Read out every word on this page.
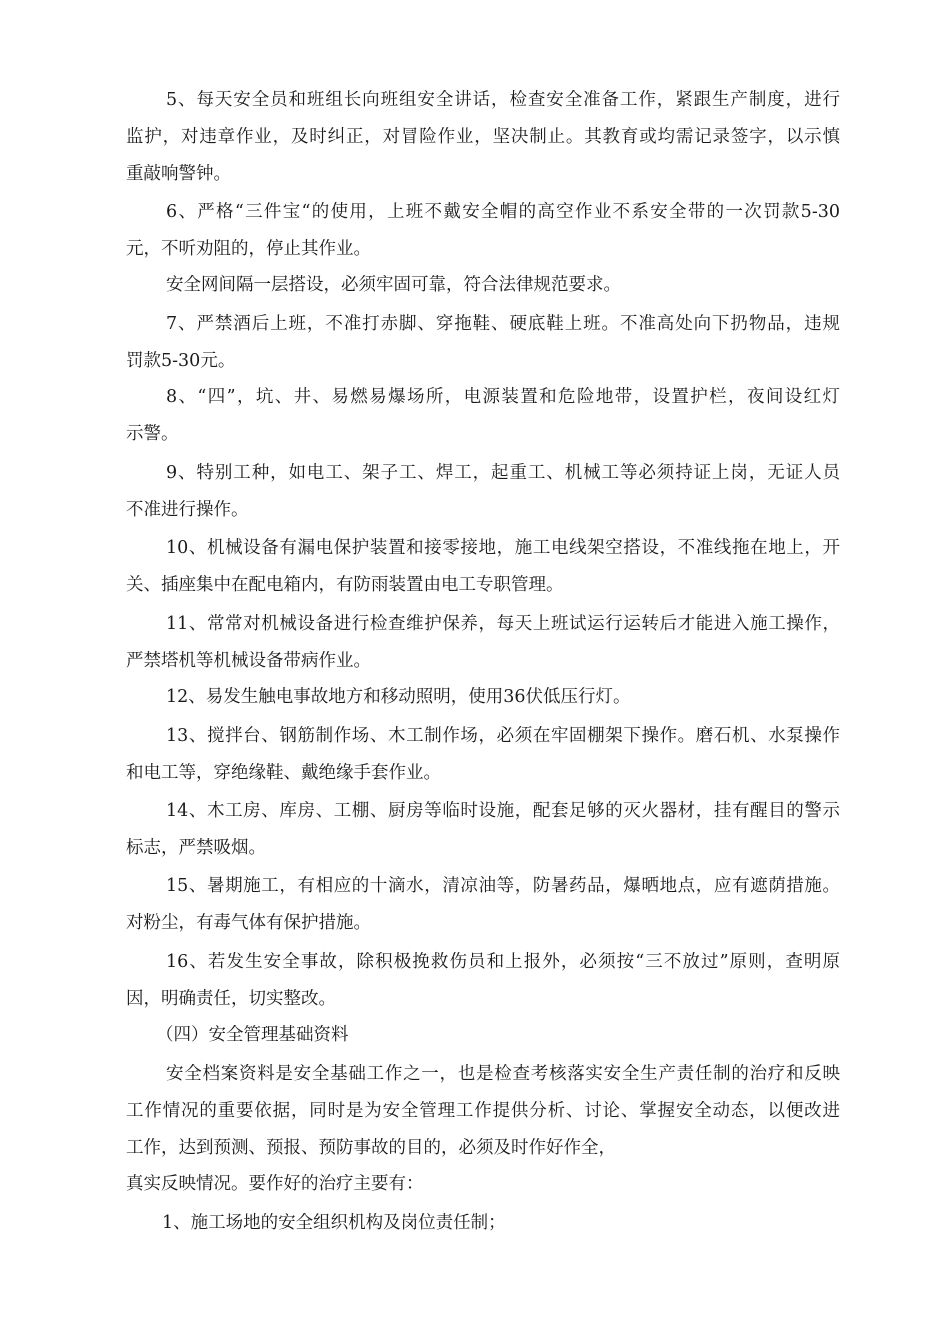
5、每天安全员和班组长向班组安全讲话，检查安全准备工作，紧跟生产制度，进行
监护，对违章作业，及时纠正，对冒险作业，坚决制止。其教育或均需记录签字，以示慎
重敲响警钟。
6、严格“三件宝“的使用，上班不戴安全帽的高空作业不系安全带的一次罚款5-30
元，不听劝阻的，停止其作业。
安全网间隔一层搭设，必须牢固可靠，符合法律规范要求。
7、严禁酒后上班，不准打赤脚、穿拖鞋、硬底鞋上班。不准高处向下扔物品，违规
罚款5-30元。
8、“四”，坑、井、易燃易爆场所，电源装置和危险地带，设置护栏，夜间设红灯
示警。
9、特别工种，如电工、架子工、焊工，起重工、机械工等必须持证上岗，无证人员
不准进行操作。
10、机械设备有漏电保护装置和接零接地，施工电线架空搭设，不准线拖在地上，开
关、插座集中在配电箱内，有防雨装置由电工专职管理。
11、常常对机械设备进行检查维护保养，每天上班试运行运转后才能进入施工操作，
严禁塔机等机械设备带病作业。
12、易发生触电事故地方和移动照明，使用36伏低压行灯。
13、搅拌台、钢筋制作场、木工制作场，必须在牢固棚架下操作。磨石机、水泵操作
和电工等，穿绝缘鞋、戴绝缘手套作业。
14、木工房、库房、工棚、厨房等临时设施，配套足够的灭火器材，挂有醒目的警示
标志，严禁吸烟。
15、暑期施工，有相应的十滴水，清凉油等，防暑药品，爆晒地点，应有遮荫措施。
对粉尘，有毒气体有保护措施。
16、若发生安全事故，除积极挽救伤员和上报外，必须按“三不放过”原则，查明原
因，明确责任，切实整改。
（四）安全管理基础资料
安全档案资料是安全基础工作之一，也是检查考核落实安全生产责任制的治疗和反映
工作情况的重要依据，同时是为安全管理工作提供分析、讨论、掌握安全动态，以便改进
工作，达到预测、预报、预防事故的目的，必须及时作好作全，
真实反映情况。要作好的治疗主要有：
1、施工场地的安全组织机构及岗位责任制；
